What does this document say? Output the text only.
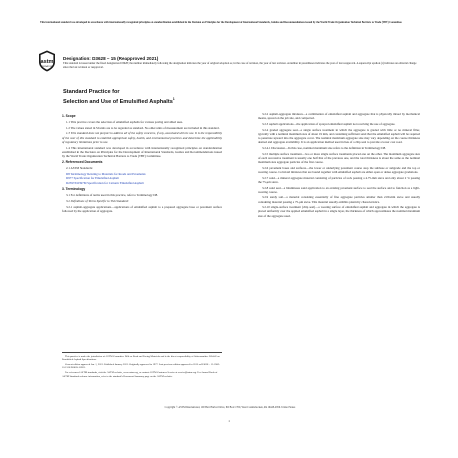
This international standard was developed in accordance with internationally recognized principles on standardization established in the Decision on Principles for the Development of International Standards, Guides and Recommendations issued by the World Trade Organization Technical Barriers to Trade (TBT) Committee.
astm
INTERNATIONAL
Designation: D3628 – 15 (Reapproved 2021)
This standard is issued under the fixed designation D3628; the number immediately following the designation indicates the year of original adoption or, in the case of revision, the year of last revision. A number in parentheses indicates the year of last reapproval. A superscript epsilon (ε) indicates an editorial change since the last revision or reapproval.
Standard Practice for
Selection and Use of Emulsified Asphalts$^1$
1. Scope
1.1 This practice covers the selection of emulsified asphalts for various paving and allied uses.
1.2 The values stated in SI units are to be regarded as standard. No other units of measurement are included in this standard.
1.3 This standard does not purport to address all of the safety concerns, if any, associated with its use. It is the responsibility of the user of this standard to establish appropriate safety, health, and environmental practices and determine the applicability of regulatory limitations prior to use.
1.4 This international standard was developed in accordance with internationally recognized principles on standardization established in the Decision on Principles for the Development of International Standards, Guides and Recommendations issued by the World Trade Organization Technical Barriers to Trade (TBT) Committee.
2. Referenced Documents
2.1 ASTM Standards:
D8 Terminology Relating to Materials for Roads and Pavements
D977 Specification for Emulsified Asphalt
D2397/D2397M Specification for Cationic Emulsified Asphalt
3. Terminology
3.1 For definitions of terms used in this practice, refer to Terminology D8.
3.2 Definitions of Terms Specific to This Standard:
3.2.1 asphalt-aggregate applications—applications of emulsified asphalt to a prepared aggregate base or pavement surface followed by the application of aggregate.
3.2.2 asphalt-aggregate mixtures—a combination of emulsified asphalt and aggregate that is physically mixed by mechanical means, spread on the job site, and compacted.
3.2.3 asphalt applications—the application of sprayed emulsified asphalt not receiving the use of aggregate.
3.2.4 graded aggregate seal—a single surface treatment in which the aggregate is graded with little or no mineral filler, typically with a nominal maximum size of about 19 mm, and containing sufficient sand that the emulsified asphalt will be required to penetrate upward into the aggregate cover. The nominal maximum aggregate size may vary depending on the course thickness desired and aggregate availability. It is an application method used in lieu of a chip seal to provide a lower cost road.
3.2.4.1 Discussion—In this case, nominal maximum size refers to the definition in Terminology D8.
3.2.5 multiple surface treatment—two or more single surface treatments placed one on the other. The maximum aggregate size of each successive treatment is usually one half that of the previous one, and the total thickness is about the same as the nominal maximum size aggregate particles of the first course.
3.2.6 pavement bases and surfaces—the lower or underlying pavement course atop the subbase or subgrade and the top or wearing course. Cold-laid mixtures that are bound together with emulsified asphalt are either open or dense aggregate gradations.
3.2.7 sand—a mineral aggregate material consisting of particles of rock passing a 4.75-mm sieve and only about 2 % passing the 75-μm sieve.
3.2.8 sand seal—a bituminous sand application to an existing pavement surface to seal the surface and to function as a light-wearing course.
3.2.9 sandy soil—a material consisting essentially of fine aggregate particles smaller than 2.00-mm sieve and usually containing material passing a 75-μm sieve. This material usually exhibits plasticity characteristics.
3.2.10 single-surface treatment (chip seal)—a wearing surface of emulsified asphalt and aggregate in which the aggregate is placed uniformly over the applied emulsified asphalt in a single layer, the thickness of which approximates the nominal maximum size of the aggregate used.
This practice is under the jurisdiction of ASTM Committee D04 on Road and Paving Materials and is the direct responsibility of Subcommittee D04.42 on Emulsified Asphalt Specifications.
Current edition approved Jan. 1, 2021. Published January 2021. Originally approved in 1977. Last previous edition approved in 2015 as D3628 – 15. DOI: 10.1520/D3628-15R21.
For referenced ASTM standards, visit the ASTM website, www.astm.org, or contact ASTM Customer Service at service@astm.org. For Annual Book of ASTM Standards volume information, refer to the standard's Document Summary page on the ASTM website.
Copyright © ASTM International, 100 Barr Harbor Drive, PO Box C700, West Conshohocken, PA 19428-2959. United States
1
